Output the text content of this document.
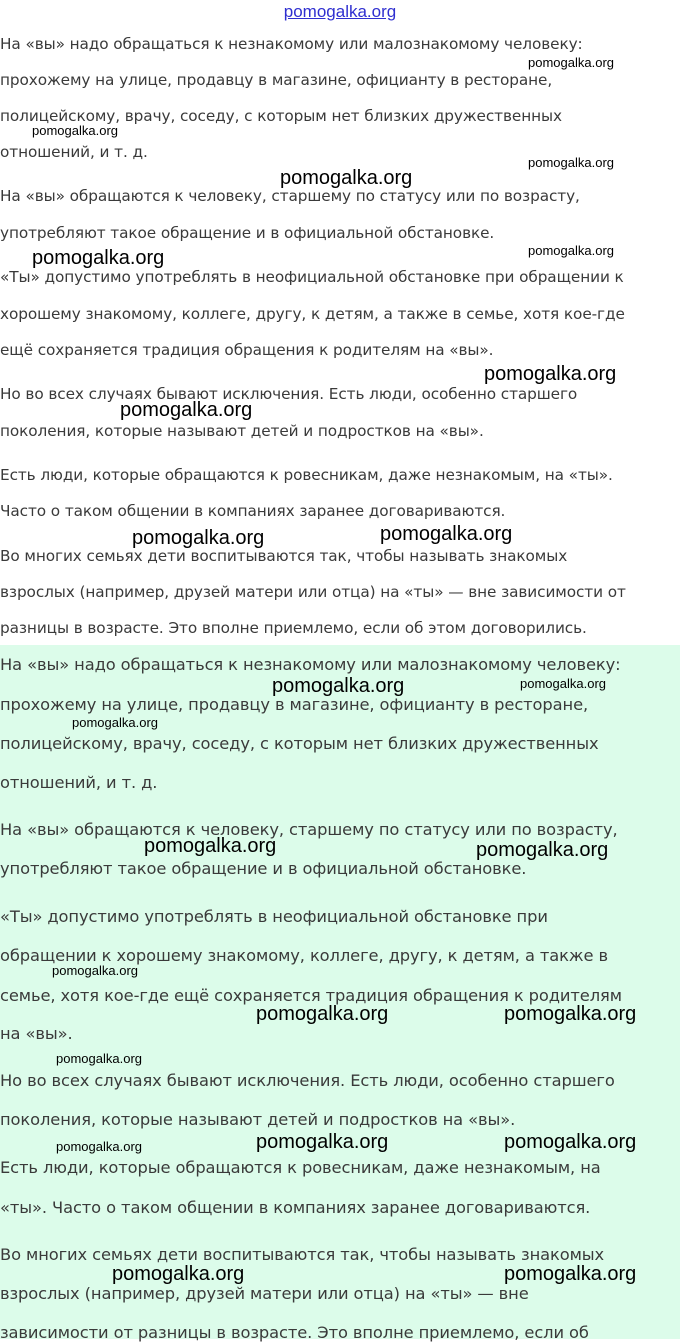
На «вы» надо обращаться к незнакомому или малознакомому человеку:

прохожему на улице, продавцу в магазине, официанту в ресторане,

полицейскому, врачу, соседу, с которым нет близких дружественных

отношений, и т. д.

На «вы» обращаются к человеку, старшему по статусу или по возрасту,

употребляют такое обращение и в официальной обстановке.

«Ты» допустимо употреблять в неофициальной обстановке при обращении к

хорошему знакомому, коллеге, другу, к детям, а также в семье, хотя кое-где

ещё сохраняется традиция обращения к родителям на «вы».

Но во всех случаях бывают исключения. Есть люди, особенно старшего

поколения, которые называют детей и подростков на «вы».

Есть люди, которые обращаются к ровесникам, даже незнакомым, на «ты».

Часто о таком общении в компаниях заранее договариваются.

Во многих семьях дети воспитываются так, чтобы называть знакомых

взрослых (например, друзей матери или отца) на «ты» — вне зависимости от

разницы в возрасте. Это вполне приемлемо, если об этом договорились.

На «вы» надо обращаться к незнакомому или малознакомому человеку:

прохожему на улице, продавцу в магазине, официанту в ресторане,

полицейскому, врачу, соседу, с которым нет близких дружественных

отношений, и т. д.

На «вы» обращаются к человеку, старшему по статусу или по возрасту,

употребляют такое обращение и в официальной обстановке.

«Ты» допустимо употреблять в неофициальной обстановке при

обращении к хорошему знакомому, коллеге, другу, к детям, а также в

семье, хотя кое-где ещё сохраняется традиция обращения к родителям

на «вы».

Но во всех случаях бывают исключения. Есть люди, особенно старшего

поколения, которые называют детей и подростков на «вы».

Есть люди, которые обращаются к ровесникам, даже незнакомым, на

«ты». Часто о таком общении в компаниях заранее договариваются.

Во многих семьях дети воспитываются так, чтобы называть знакомых

взрослых (например, друзей матери или отца) на «ты» — вне

зависимости от разницы в возрасте. Это вполне приемлемо, если об

pomogalka.org
pomogalka.org
pomogalka.org
pomogalka.org
pomogalka.org
pomogalka.org	pomogalka.org
pomogalka.org
pomogalka.org
pomogalka.org	pomogalka.org
pomogalka.org	pomogalka.org
pomogalka.org
pomogalka.org	pomogalka.org
pomogalka.org
pomogalka.org	pomogalka.org
pomogalka.org
pomogalka.org	pomogalka.org	pomogalka.org
pomogalka.org	pomogalka.org
